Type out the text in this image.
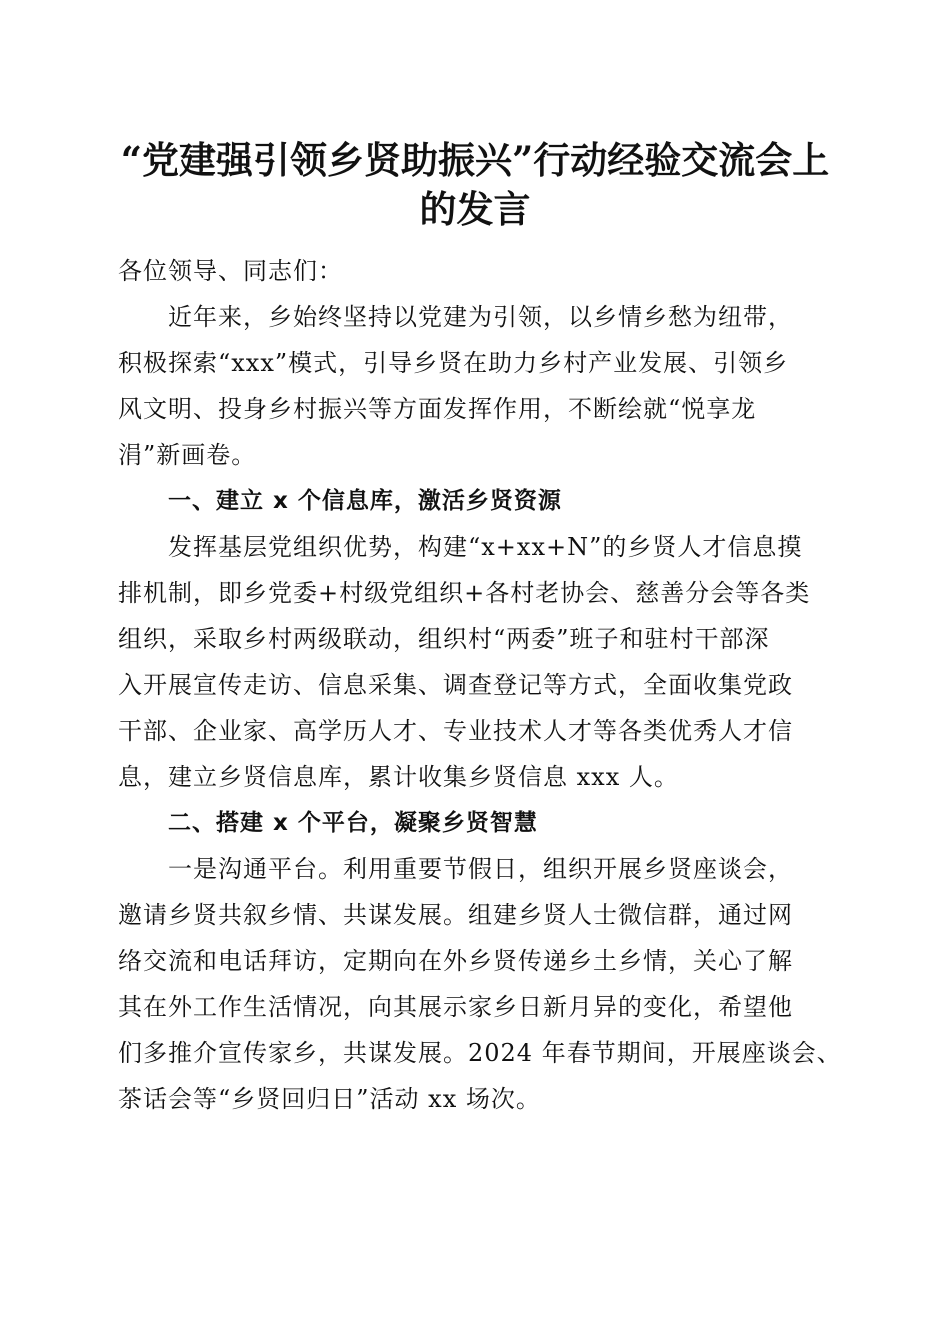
“党建强引领乡贤助振兴”行动经验交流会上
的发言
各位领导、同志们：
近年来，乡始终坚持以党建为引领，以乡情乡愁为纽带，
积极探索“xxx”模式，引导乡贤在助力乡村产业发展、引领乡
风文明、投身乡村振兴等方面发挥作用，不断绘就“悦享龙
涓”新画卷。
一、建立 x 个信息库，激活乡贤资源
发挥基层党组织优势，构建“x+xx+N”的乡贤人才信息摸
排机制，即乡党委+村级党组织+各村老协会、慈善分会等各类
组织，采取乡村两级联动，组织村“两委”班子和驻村干部深
入开展宣传走访、信息采集、调查登记等方式，全面收集党政
干部、企业家、高学历人才、专业技术人才等各类优秀人才信
息，建立乡贤信息库，累计收集乡贤信息 xxx 人。
二、搭建 x 个平台，凝聚乡贤智慧
一是沟通平台。利用重要节假日，组织开展乡贤座谈会，
邀请乡贤共叙乡情、共谋发展。组建乡贤人士微信群，通过网
络交流和电话拜访，定期向在外乡贤传递乡土乡情，关心了解
其在外工作生活情况，向其展示家乡日新月异的变化，希望他
们多推介宣传家乡，共谋发展。2024 年春节期间，开展座谈会、
茶话会等“乡贤回归日”活动 xx 场次。
